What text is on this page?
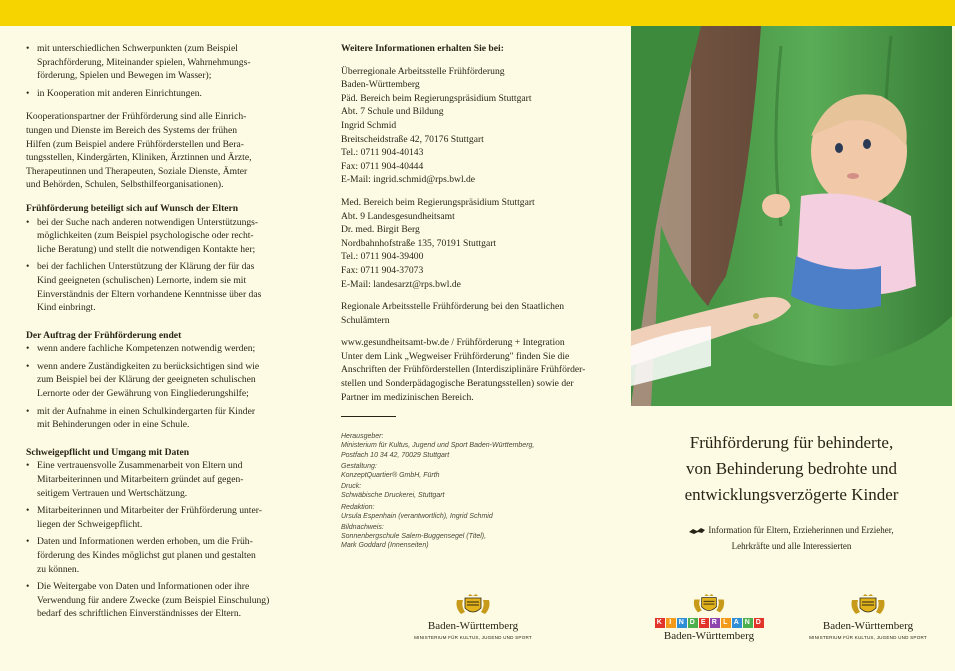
• mit unterschiedlichen Schwerpunkten (zum Beispiel
Sprachförderung, Miteinander spielen, Wahrnehmungs-
förderung, Spielen und Bewegen im Wasser);
• in Kooperation mit anderen Einrichtungen.

Kooperationspartner der Frühförderung sind alle Einrich-
tungen und Dienste im Bereich des Systems der frühen
Hilfen (zum Beispiel andere Frühförderstellen und Bera-
tungsstellen, Kindergärten, Kliniken, Ärztinnen und Ärzte,
Therapeutinnen und Therapeuten, Soziale Dienste, Ämter
und Behörden, Schulen, Selbsthilfeorganisationen).

Frühförderung beteiligt sich auf Wunsch der Eltern

• bei der Suche nach anderen notwendigen Unterstützungs-
möglichkeiten (zum Beispiel psychologische oder recht-
liche Beratung) und stellt die notwendigen Kontakte her;
• bei der fachlichen Unterstützung der Klärung der für das
Kind geeigneten (schulischen) Lernorte, indem sie mit
Einverständnis der Eltern vorhandene Kenntnisse über das
Kind einbringt.

Der Auftrag der Frühförderung endet

• wenn andere fachliche Kompetenzen notwendig werden;
• wenn andere Zuständigkeiten zu berücksichtigen sind wie
zum Beispiel bei der Klärung der geeigneten schulischen
Lernorte oder der Gewährung von Eingliederungshilfe;
• mit der Aufnahme in einen Schulkindergarten für Kinder
mit Behinderungen oder in eine Schule.

Schweigepflicht und Umgang mit Daten

• Eine vertrauensvolle Zusammenarbeit von Eltern und
Mitarbeiterinnen und Mitarbeitern gründet auf gegen-
seitigem Vertrauen und Wertschätzung.
• Mitarbeiterinnen und Mitarbeiter der Frühförderung unter-
liegen der Schweigepflicht.
• Daten und Informationen werden erhoben, um die Früh-
förderung des Kindes möglichst gut planen und gestalten
zu können.
• Die Weitergabe von Daten und Informationen oder ihre
Verwendung für andere Zwecke (zum Beispiel Einschulung)
bedarf des schriftlichen Einverständnisses der Eltern.

Weitere Informationen erhalten Sie bei:

Überregionale Arbeitsstelle Frühförderung
Baden-Württemberg
Päd. Bereich beim Regierungspräsidium Stuttgart
Abt. 7 Schule und Bildung
Ingrid Schmid
Breitscheidstraße 42, 70176 Stuttgart
Tel.: 0711 904-40143
Fax: 0711 904-40444
E-Mail: ingrid.schmid@rps.bwl.de
Med. Bereich beim Regierungspräsidium Stuttgart
Abt. 9 Landesgesundheitsamt
Dr. med. Birgit Berg
Nordbahnhofstraße 135, 70191 Stuttgart
Tel.: 0711 904-39400
Fax: 0711 904-37073
E-Mail: landesarzt@rps.bwl.de
Regionale Arbeitsstelle Frühförderung bei den Staatlichen
Schulämtern
www.gesundheitsamt-bw.de / Frühförderung + Integration
Unter dem Link „Wegweiser Frühförderung" finden Sie die
Anschriften der Frühförderstellen (Interdisziplinäre Frühförder-
stellen und Sonderpädagogische Beratungsstellen) sowie der
Partner im medizinischen Bereich.
Herausgeber:
Ministerium für Kultus, Jugend und Sport Baden-Württemberg,
Postfach 10 34 42, 70029 Stuttgart
Gestaltung:
KonzeptQuartier® GmbH, Fürth
Druck:
Schwäbische Druckerei, Stuttgart
Redaktion:
Ursula Espenhain (verantwortlich), Ingrid Schmid
Bildnachweis:
Sonnenbergschule Salem-Buggensegel (Titel),
Mark Goddard (Innenseiten)
Frühförderung für behinderte,
von Behinderung bedrohte und
entwicklungsverzögerte Kinder
Information für Eltern, Erzieherinnen und Erzieher,
Lehrkräfte und alle Interessierten
Baden-Württemberg
MINISTERIUM FÜR KULTUS, JUGEND UND SPORT
K I	N D E R L A N D
Baden-Württemberg
Baden-Württemberg
MINISTERIUM FÜR KULTUS, JUGEND UND SPORT
